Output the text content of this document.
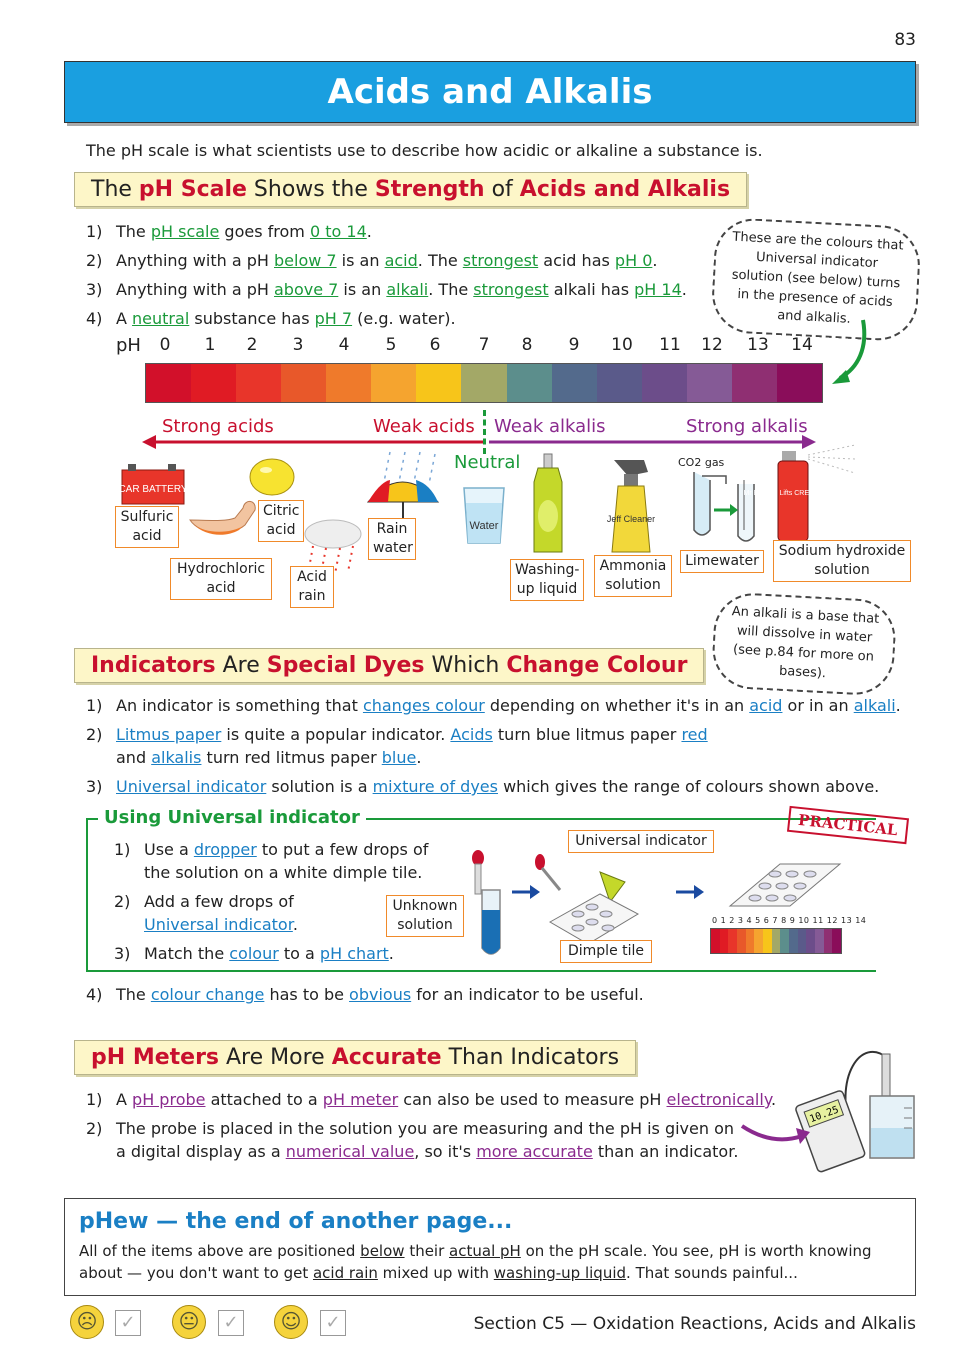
83
Acids and Alkalis
The pH scale is what scientists use to describe how acidic or alkaline a substance is.
The pH Scale Shows the Strength of Acids and Alkalis
1) The pH scale goes from 0 to 14.
2) Anything with a pH below 7 is an acid. The strongest acid has pH 0.
3) Anything with a pH above 7 is an alkali. The strongest alkali has pH 14.
4) A neutral substance has pH 7 (e.g. water).
These are the colours that Universal indicator solution (see below) turns in the presence of acids and alkalis.
pH	0	1	2	3	4	5	6	7	8	9	10 11 12 13 14
Strong acids	Weak acids Weak alkalis	Strong alkalis
Neutral
CAR BATTERY
Water
Jeff Cleaner
CO2 gas
Mr Elbow's Lifts CREASE FAST
Sulfuric acid
Hydrochloric acid
Citric acid
Acid rain
Rain water
Washing-up liquid
Ammonia solution
Limewater
Sodium hydroxide solution
An alkali is a base that will dissolve in water (see p.84 for more on bases).
Indicators Are Special Dyes Which Change Colour
1) An indicator is something that changes colour depending on whether it's in an acid or in an alkali.
2) Litmus paper is quite a popular indicator. Acids turn blue litmus paper red
and alkalis turn red litmus paper blue.
3) Universal indicator solution is a mixture of dyes which gives the range of colours shown above.
Using Universal indicator
1) Use a dropper to put a few drops of
the solution on a white dimple tile.
2) Add a few drops of
Universal indicator.
3) Match the colour to a pH chart.
PRACTICAL
0 1 2 3 4 5 6 7 8 9 10 11 12 13 14
Unknown solution
Universal indicator
Dimple tile
4) The colour change has to be obvious for an indicator to be useful.
pH Meters Are More Accurate Than Indicators
1) A pH probe attached to a pH meter can also be used to measure pH electronically.
2) The probe is placed in the solution you are measuring and the pH is given on
a digital display as a numerical value, so it's more accurate than an indicator.
10.25
pHew — the end of another page...
All of the items above are positioned below their actual pH on the pH scale. You see, pH is worth knowing
about — you don't want to get acid rain mixed up with washing-up liquid. That sounds painful...
☹	✓	😐	✓	☺	✓	Section C5 — Oxidation Reactions, Acids and Alkalis
